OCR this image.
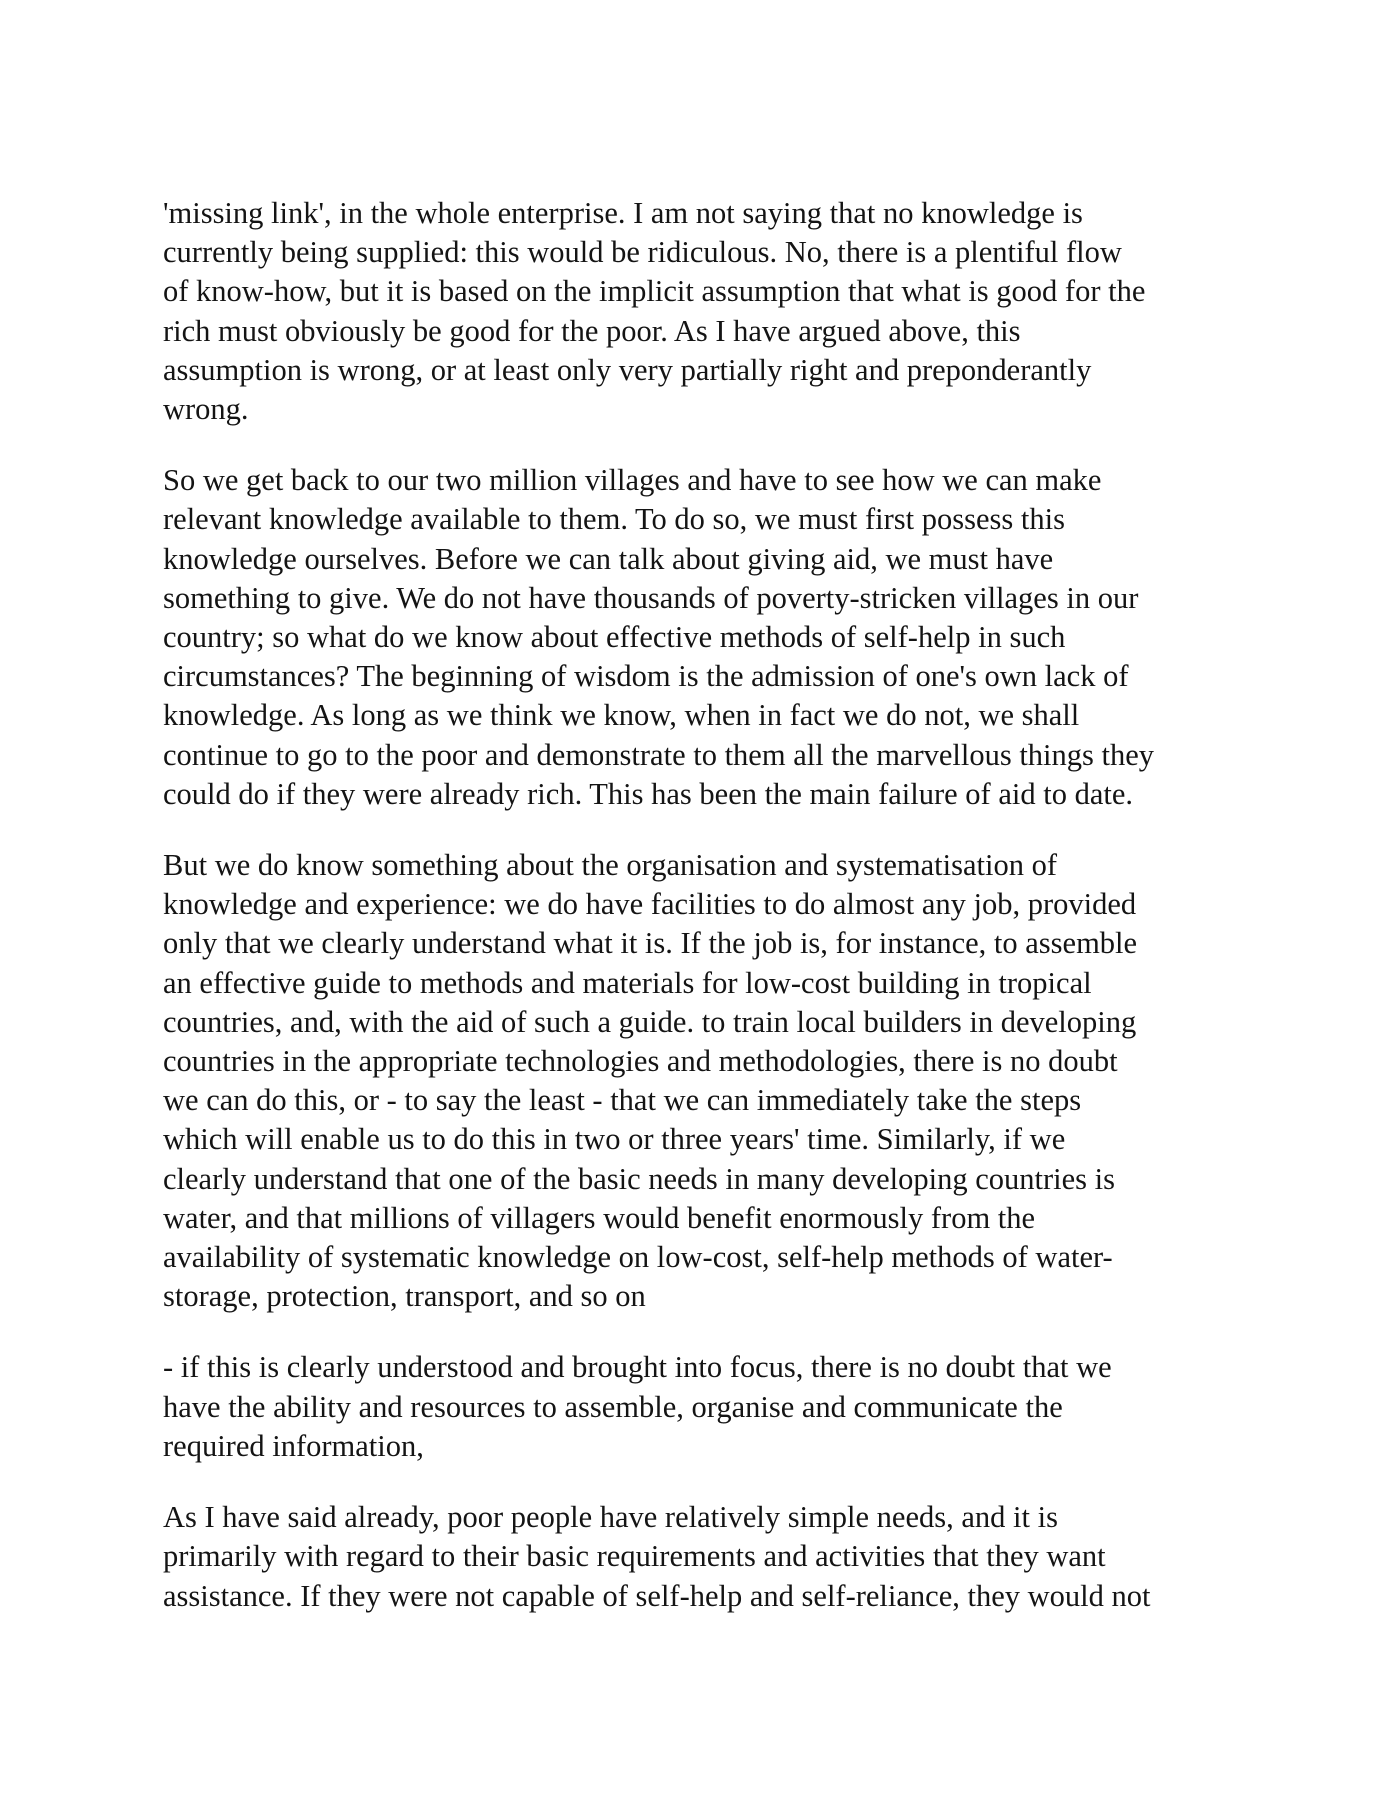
'missing link', in the whole enterprise. I am not saying that no knowledge is
currently being supplied: this would be ridiculous. No, there is a plentiful flow
of know-how, but it is based on the implicit assumption that what is good for the
rich must obviously be good for the poor. As I have argued above, this
assumption is wrong, or at least only very partially right and preponderantly
wrong.

So we get back to our two million villages and have to see how we can make
relevant knowledge available to them. To do so, we must first possess this
knowledge ourselves. Before we can talk about giving aid, we must have
something to give. We do not have thousands of poverty-stricken villages in our
country; so what do we know about effective methods of self-help in such
circumstances? The beginning of wisdom is the admission of one's own lack of
knowledge. As long as we think we know, when in fact we do not, we shall
continue to go to the poor and demonstrate to them all the marvellous things they
could do if they were already rich. This has been the main failure of aid to date.

But we do know something about the organisation and systematisation of
knowledge and experience: we do have facilities to do almost any job, provided
only that we clearly understand what it is. If the job is, for instance, to assemble
an effective guide to methods and materials for low-cost building in tropical
countries, and, with the aid of such a guide. to train local builders in developing
countries in the appropriate technologies and methodologies, there is no doubt
we can do this, or - to say the least - that we can immediately take the steps
which will enable us to do this in two or three years' time. Similarly, if we
clearly understand that one of the basic needs in many developing countries is
water, and that millions of villagers would benefit enormously from the
availability of systematic knowledge on low-cost, self-help methods of water-
storage, protection, transport, and so on

- if this is clearly understood and brought into focus, there is no doubt that we
have the ability and resources to assemble, organise and communicate the
required information,

As I have said already, poor people have relatively simple needs, and it is
primarily with regard to their basic requirements and activities that they want
assistance. If they were not capable of self-help and self-reliance, they would not
